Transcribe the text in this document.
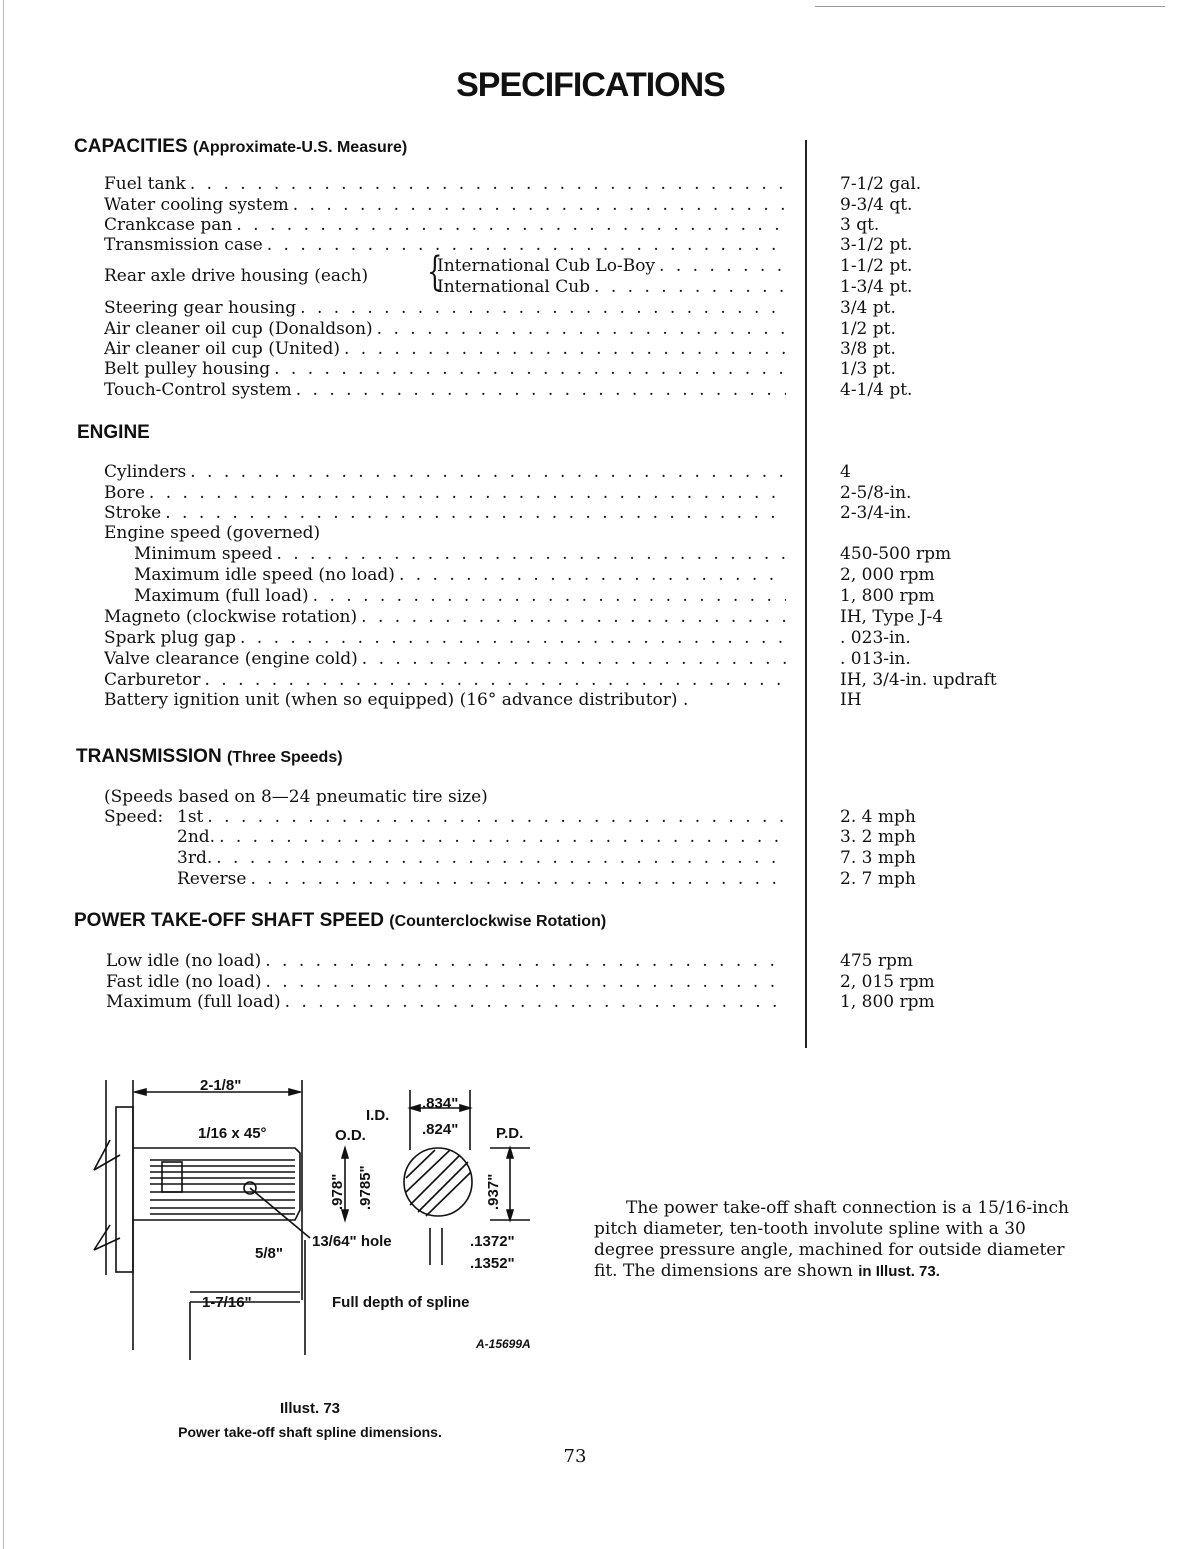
SPECIFICATIONS
CAPACITIES (Approximate-U.S. Measure)
Fuel tank . . .	7-1/2 gal.
Water cooling system . . .	9-3/4 qt.
Crankcase pan . . .	3 qt.
Transmission case . . .	3-1/2 pt.
Rear axle drive housing (each) {
International Cub Lo-Boy . . .	1-1/2 pt.
International Cub . . .	1-3/4 pt.
Steering gear housing . . .	3/4 pt.
Air cleaner oil cup (Donaldson) . . .	1/2 pt.
Air cleaner oil cup (United) . . .	3/8 pt.
Belt pulley housing . . .	1/3 pt.
Touch-Control system . . .	4-1/4 pt.
ENGINE
Cylinders . . .	4
Bore . . .	2-5/8-in.
Stroke . . .	2-3/4-in.
Engine speed (governed)
Minimum speed . . .	450-500 rpm
Maximum idle speed (no load) . . .	2, 000 rpm
Maximum (full load) . . .	1, 800 rpm
Magneto (clockwise rotation) . . .	IH, Type J-4
Spark plug gap . . .	. 023-in.
Valve clearance (engine cold) . . .	. 013-in.
Carburetor . . .	IH, 3/4-in. updraft
Battery ignition unit (when so equipped) (16° advance distributor) .	IH
TRANSMISSION (Three Speeds)
(Speeds based on 8—24 pneumatic tire size)
Speed: 1st . . .	2. 4 mph
2nd. . . .	3. 2 mph
3rd. . . .	7. 3 mph
Reverse . . .	2. 7 mph
POWER TAKE-OFF SHAFT SPEED (Counterclockwise Rotation)
Low idle (no load) . . .	475 rpm
Fast idle (no load) . . .	2, 015 rpm
Maximum (full load) . . .	1, 800 rpm
2-1/8"
1/16 x 45°	O.D.
I.D.
.834"
.824"	P.D.
13/64" hole	.1372"
.1352"
5/8"
1-7/16"	Full depth of spline
A-15699A
.978" .9785"	.937"	The power take-off shaft connection is a 15/16-inch pitch diameter, ten-tooth involute spline with a 30 degree pressure angle, machined for outside diameter fit. The dimensions are shown in Illust. 73.
Illust. 73
Power take-off shaft spline dimensions.
73
